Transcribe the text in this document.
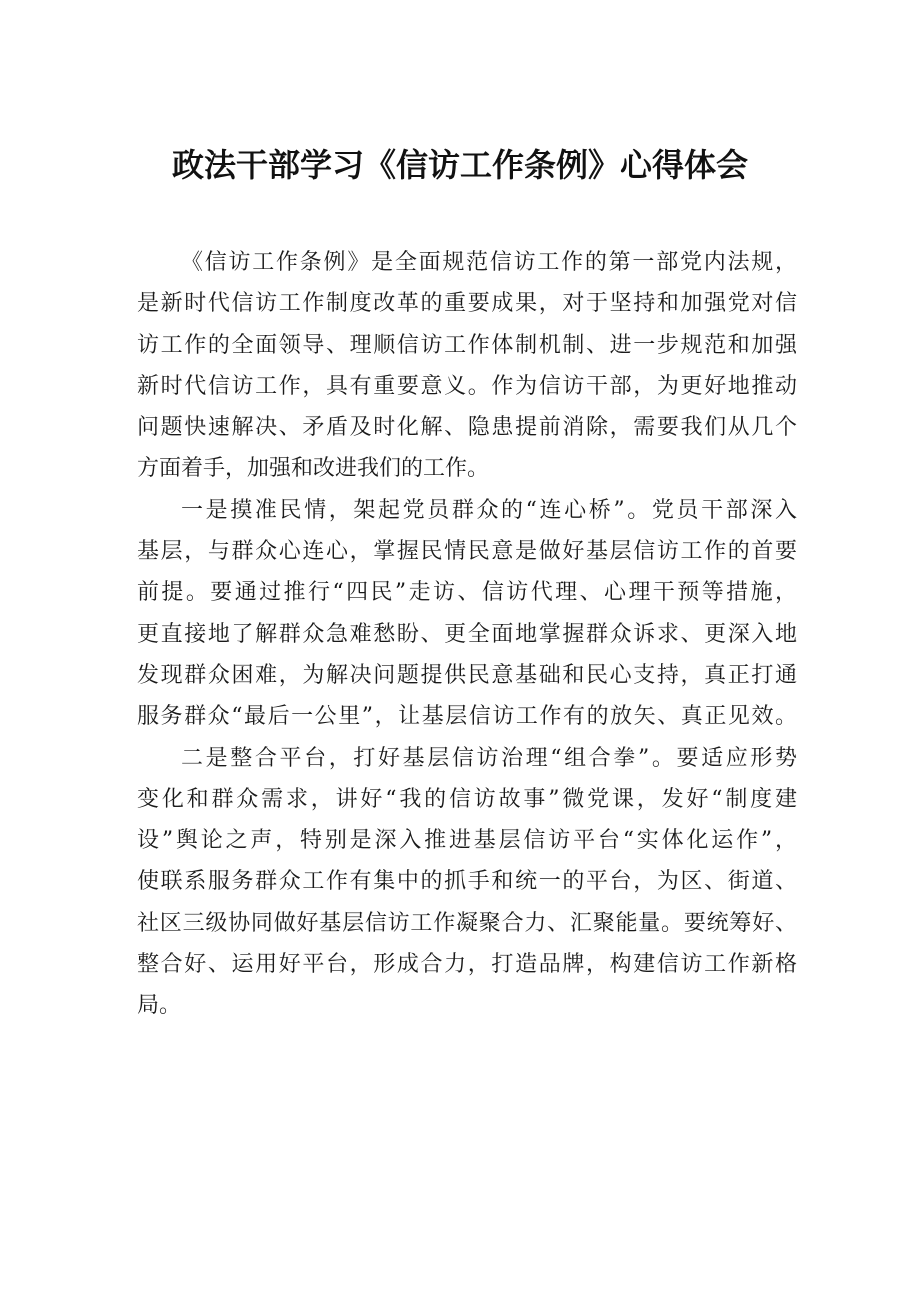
政法干部学习《信访工作条例》心得体会
《信访工作条例》是全面规范信访工作的第一部党内法规，
是新时代信访工作制度改革的重要成果，对于坚持和加强党对信
访工作的全面领导、理顺信访工作体制机制、进一步规范和加强
新时代信访工作，具有重要意义。作为信访干部，为更好地推动
问题快速解决、矛盾及时化解、隐患提前消除，需要我们从几个
方面着手，加强和改进我们的工作。
一是摸准民情，架起党员群众的“连心桥”。党员干部深入
基层，与群众心连心，掌握民情民意是做好基层信访工作的首要
前提。要通过推行“四民”走访、信访代理、心理干预等措施，
更直接地了解群众急难愁盼、更全面地掌握群众诉求、更深入地
发现群众困难，为解决问题提供民意基础和民心支持，真正打通
服务群众“最后一公里”，让基层信访工作有的放矢、真正见效。
二是整合平台，打好基层信访治理“组合拳”。要适应形势
变化和群众需求，讲好“我的信访故事”微党课，发好“制度建
设”舆论之声，特别是深入推进基层信访平台“实体化运作”，
使联系服务群众工作有集中的抓手和统一的平台，为区、街道、
社区三级协同做好基层信访工作凝聚合力、汇聚能量。要统筹好、
整合好、运用好平台，形成合力，打造品牌，构建信访工作新格
局。
